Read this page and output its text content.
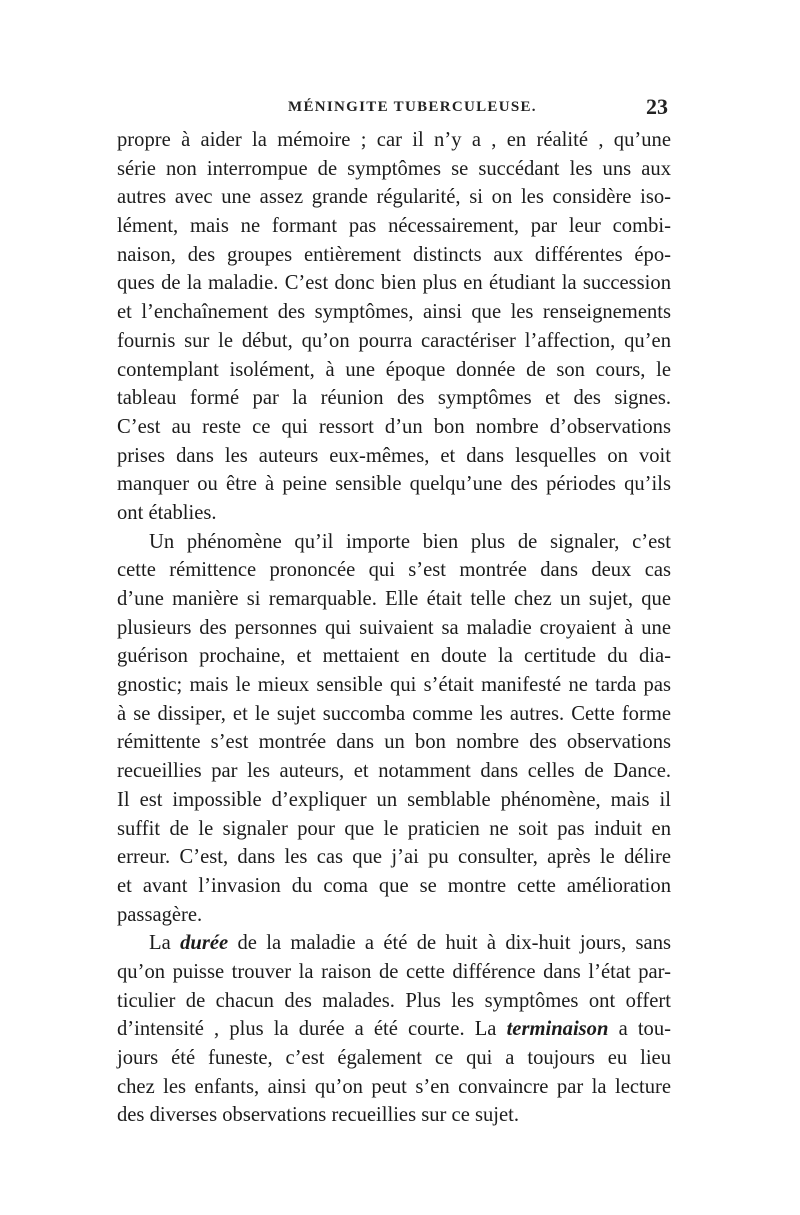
MÉNINGITE TUBERCULEUSE.	23
propre à aider la mémoire ; car il n’y a , en réalité , qu’une
série non interrompue de symptômes se succédant les uns aux
autres avec une assez grande régularité, si on les considère iso-
lément, mais ne formant pas nécessairement, par leur combi-
naison, des groupes entièrement distincts aux différentes épo-
ques de la maladie. C’est donc bien plus en étudiant la succession
et l’enchaînement des symptômes, ainsi que les renseignements
fournis sur le début, qu’on pourra caractériser l’affection, qu’en
contemplant isolément, à une époque donnée de son cours, le
tableau formé par la réunion des symptômes et des signes.
C’est au reste ce qui ressort d’un bon nombre d’observations
prises dans les auteurs eux-mêmes, et dans lesquelles on voit
manquer ou être à peine sensible quelqu’une des périodes qu’ils
ont établies.
Un phénomène qu’il importe bien plus de signaler, c’est
cette rémittence prononcée qui s’est montrée dans deux cas
d’une manière si remarquable. Elle était telle chez un sujet, que
plusieurs des personnes qui suivaient sa maladie croyaient à une
guérison prochaine, et mettaient en doute la certitude du dia-
gnostic; mais le mieux sensible qui s’était manifesté ne tarda pas
à se dissiper, et le sujet succomba comme les autres. Cette forme
rémittente s’est montrée dans un bon nombre des observations
recueillies par les auteurs, et notamment dans celles de Dance.
Il est impossible d’expliquer un semblable phénomène, mais il
suffit de le signaler pour que le praticien ne soit pas induit en
erreur. C’est, dans les cas que j’ai pu consulter, après le délire
et avant l’invasion du coma que se montre cette amélioration
passagère.
La durée de la maladie a été de huit à dix-huit jours, sans
qu’on puisse trouver la raison de cette différence dans l’état par-
ticulier de chacun des malades. Plus les symptômes ont offert
d’intensité , plus la durée a été courte. La terminaison a tou-
jours été funeste, c’est également ce qui a toujours eu lieu
chez les enfants, ainsi qu’on peut s’en convaincre par la lecture
des diverses observations recueillies sur ce sujet.
